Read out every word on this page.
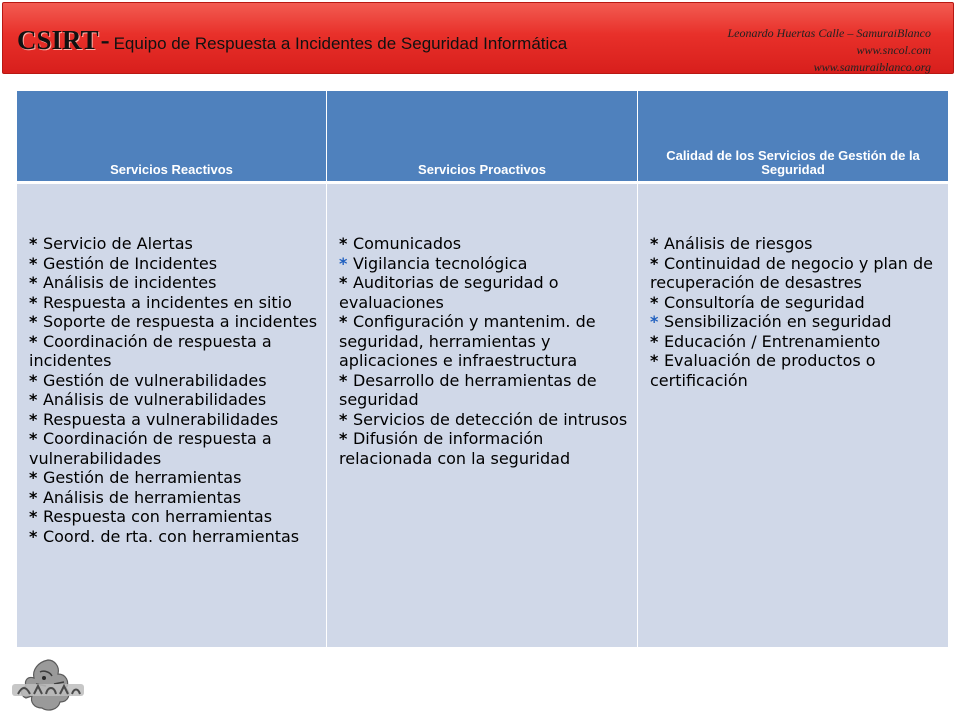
CSIRT- Equipo de Respuesta a Incidentes de Seguridad Informática
Leonardo Huertas Calle – SamuraiBlanco
www.sncol.com
www.samuraiblanco.org
Servicios Reactivos	Servicios Proactivos
Calidad de los Servicios de Gestión de la Seguridad
* Servicio de Alertas
* Gestión de Incidentes
* Análisis de incidentes
* Respuesta a incidentes en sitio
* Soporte de respuesta a incidentes
* Coordinación de respuesta a incidentes
* Gestión de vulnerabilidades
* Análisis de vulnerabilidades
* Respuesta a vulnerabilidades
* Coordinación de respuesta a vulnerabilidades
* Gestión de herramientas
* Análisis de herramientas
* Respuesta con herramientas
* Coord. de rta. con herramientas
* Comunicados
* Vigilancia tecnológica
* Auditorias de seguridad o evaluaciones
* Configuración y mantenim. de seguridad, herramientas y aplicaciones e infraestructura
* Desarrollo de herramientas de seguridad
* Servicios de detección de intrusos
* Difusión de información relacionada con la seguridad
* Análisis de riesgos
* Continuidad de negocio y plan de recuperación de desastres
* Consultoría de seguridad
* Sensibilización en seguridad
* Educación / Entrenamiento
* Evaluación de productos o certificación
